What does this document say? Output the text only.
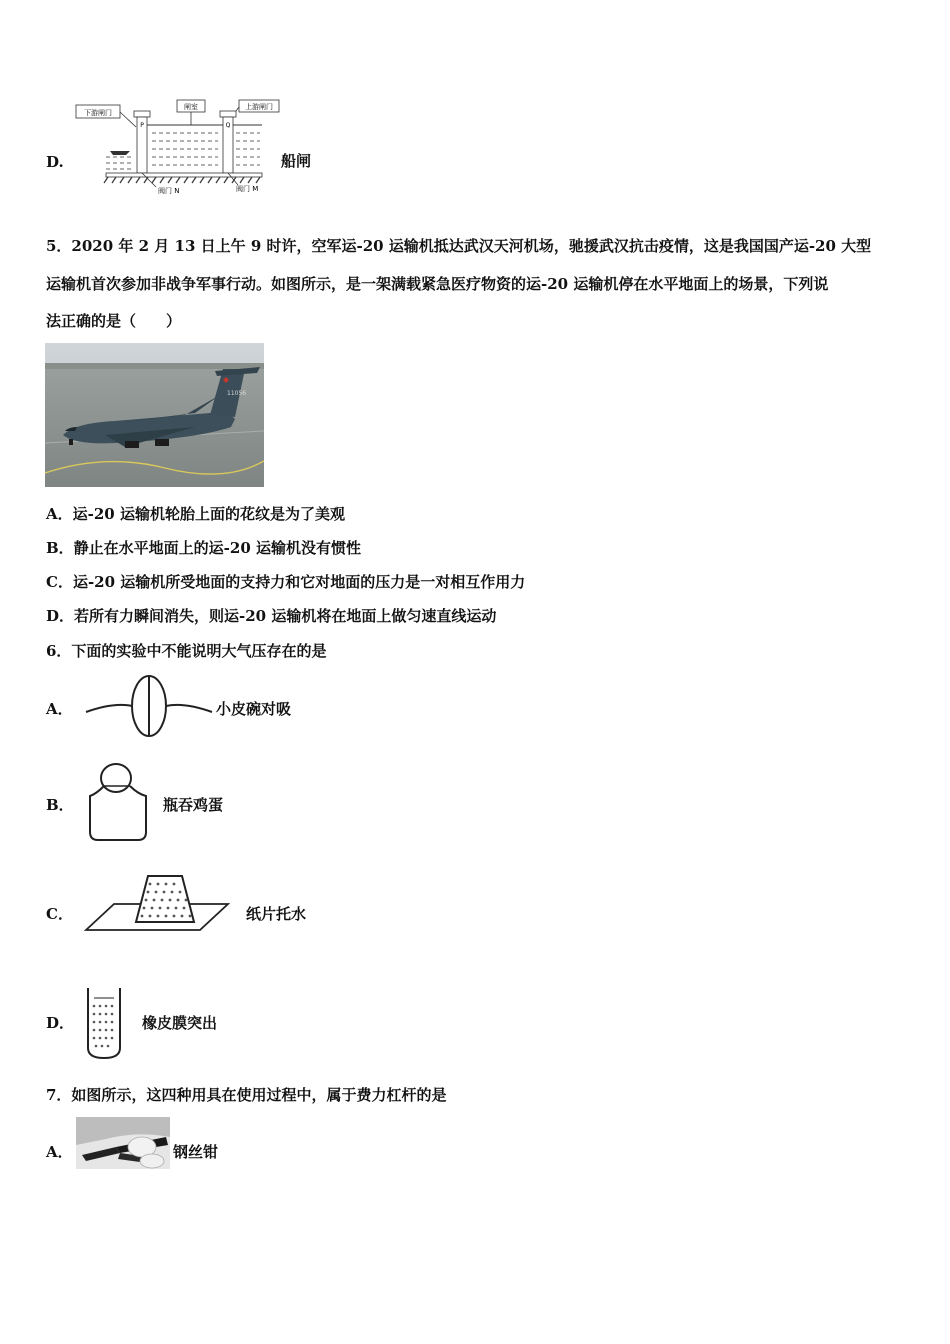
D.
下游闸门
闸室	上游闸门
P	Q
阀门 N	阀门 M
船闸
5．2020 年 2 月 13 日上午 9 时许，空军运-20 运输机抵达武汉天河机场，驰援武汉抗击疫情，这是我国国产运-20 大型
运输机首次参加非战争军事行动。如图所示，是一架满载紧急医疗物资的运-20 运输机停在水平地面上的场景，下列说
法正确的是（　　）
11056
A．运-20 运输机轮胎上面的花纹是为了美观
B．静止在水平地面上的运-20 运输机没有惯性
C．运-20 运输机所受地面的支持力和它对地面的压力是一对相互作用力
D．若所有力瞬间消失，则运-20 运输机将在地面上做匀速直线运动
6．下面的实验中不能说明大气压存在的是
A．	小皮碗对吸
B．	瓶吞鸡蛋
C．	纸片托水
D．	橡皮膜突出
7．如图所示，这四种用具在使用过程中，属于费力杠杆的是
A．	钢丝钳
